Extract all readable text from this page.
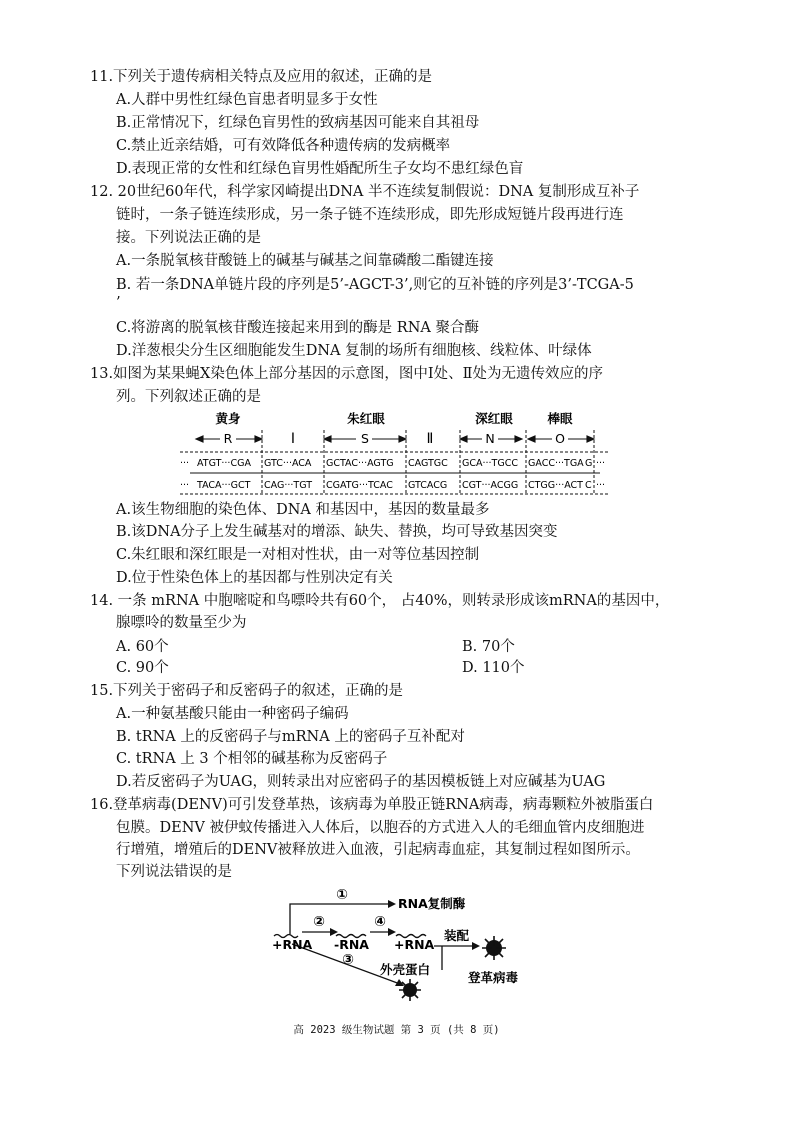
11.下列关于遗传病相关特点及应用的叙述，正确的是
A.人群中男性红绿色盲患者明显多于女性
B.正常情况下，红绿色盲男性的致病基因可能来自其祖母
C.禁止近亲结婚，可有效降低各种遗传病的发病概率
D.表现正常的女性和红绿色盲男性婚配所生子女均不患红绿色盲
12. 20世纪60年代，科学家冈崎提出DNA 半不连续复制假说：DNA 复制形成互补子
链时，一条子链连续形成，另一条子链不连续形成，即先形成短链片段再进行连
接。下列说法正确的是
A.一条脱氧核苷酸链上的碱基与碱基之间靠磷酸二酯键连接
B. 若一条DNA单链片段的序列是5’-AGCT-3’,则它的互补链的序列是3’-TCGA-5
’
C.将游离的脱氧核苷酸连接起来用到的酶是 RNA 聚合酶
D.洋葱根尖分生区细胞能发生DNA 复制的场所有细胞核、线粒体、叶绿体
13.如图为某果蝇X染色体上部分基因的示意图，图中Ⅰ处、Ⅱ处为无遗传效应的序
列。下列叙述正确的是
黄身	朱红眼	深红眼	棒眼
R	S	N	O
Ⅰ	Ⅱ
··· ATGT···CGA GTC···ACA GCTAC···AGTG CAGTGC GCA···TGCC GACC···TGA G ···
··· TACA···GCT CAG···TGT CGATG···TCAC GTCACG CGT···ACGG CTGG···ACT C ···
A.该生物细胞的染色体、DNA 和基因中，基因的数量最多
B.该DNA分子上发生碱基对的增添、缺失、替换，均可导致基因突变
C.朱红眼和深红眼是一对相对性状，由一对等位基因控制
D.位于性染色体上的基因都与性别决定有关
14. 一条 mRNA 中胞嘧啶和鸟嘌呤共有60个， 占40%，则转录形成该mRNA的基因中，
腺嘌呤的数量至少为
A. 60个	B. 70个
C. 90个	D. 110个
15.下列关于密码子和反密码子的叙述，正确的是
A.一种氨基酸只能由一种密码子编码
B. tRNA 上的反密码子与mRNA 上的密码子互补配对
C. tRNA 上 3 个相邻的碱基称为反密码子
D.若反密码子为UAG，则转录出对应密码子的基因模板链上对应碱基为UAG
16.登革病毒(DENV)可引发登革热，该病毒为单股正链RNA病毒，病毒颗粒外被脂蛋白
包膜。DENV 被伊蚊传播进入人体后，以胞吞的方式进入人的毛细血管内皮细胞进
行增殖，增殖后的DENV被释放进入血液，引起病毒血症，其复制过程如图所示。
下列说法错误的是
①
②	④
③
RNA复制酶
+RNA -RNA +RNA
外壳蛋白
装配
登革病毒
高 2023 级生物试题 第 3 页 (共 8 页)
